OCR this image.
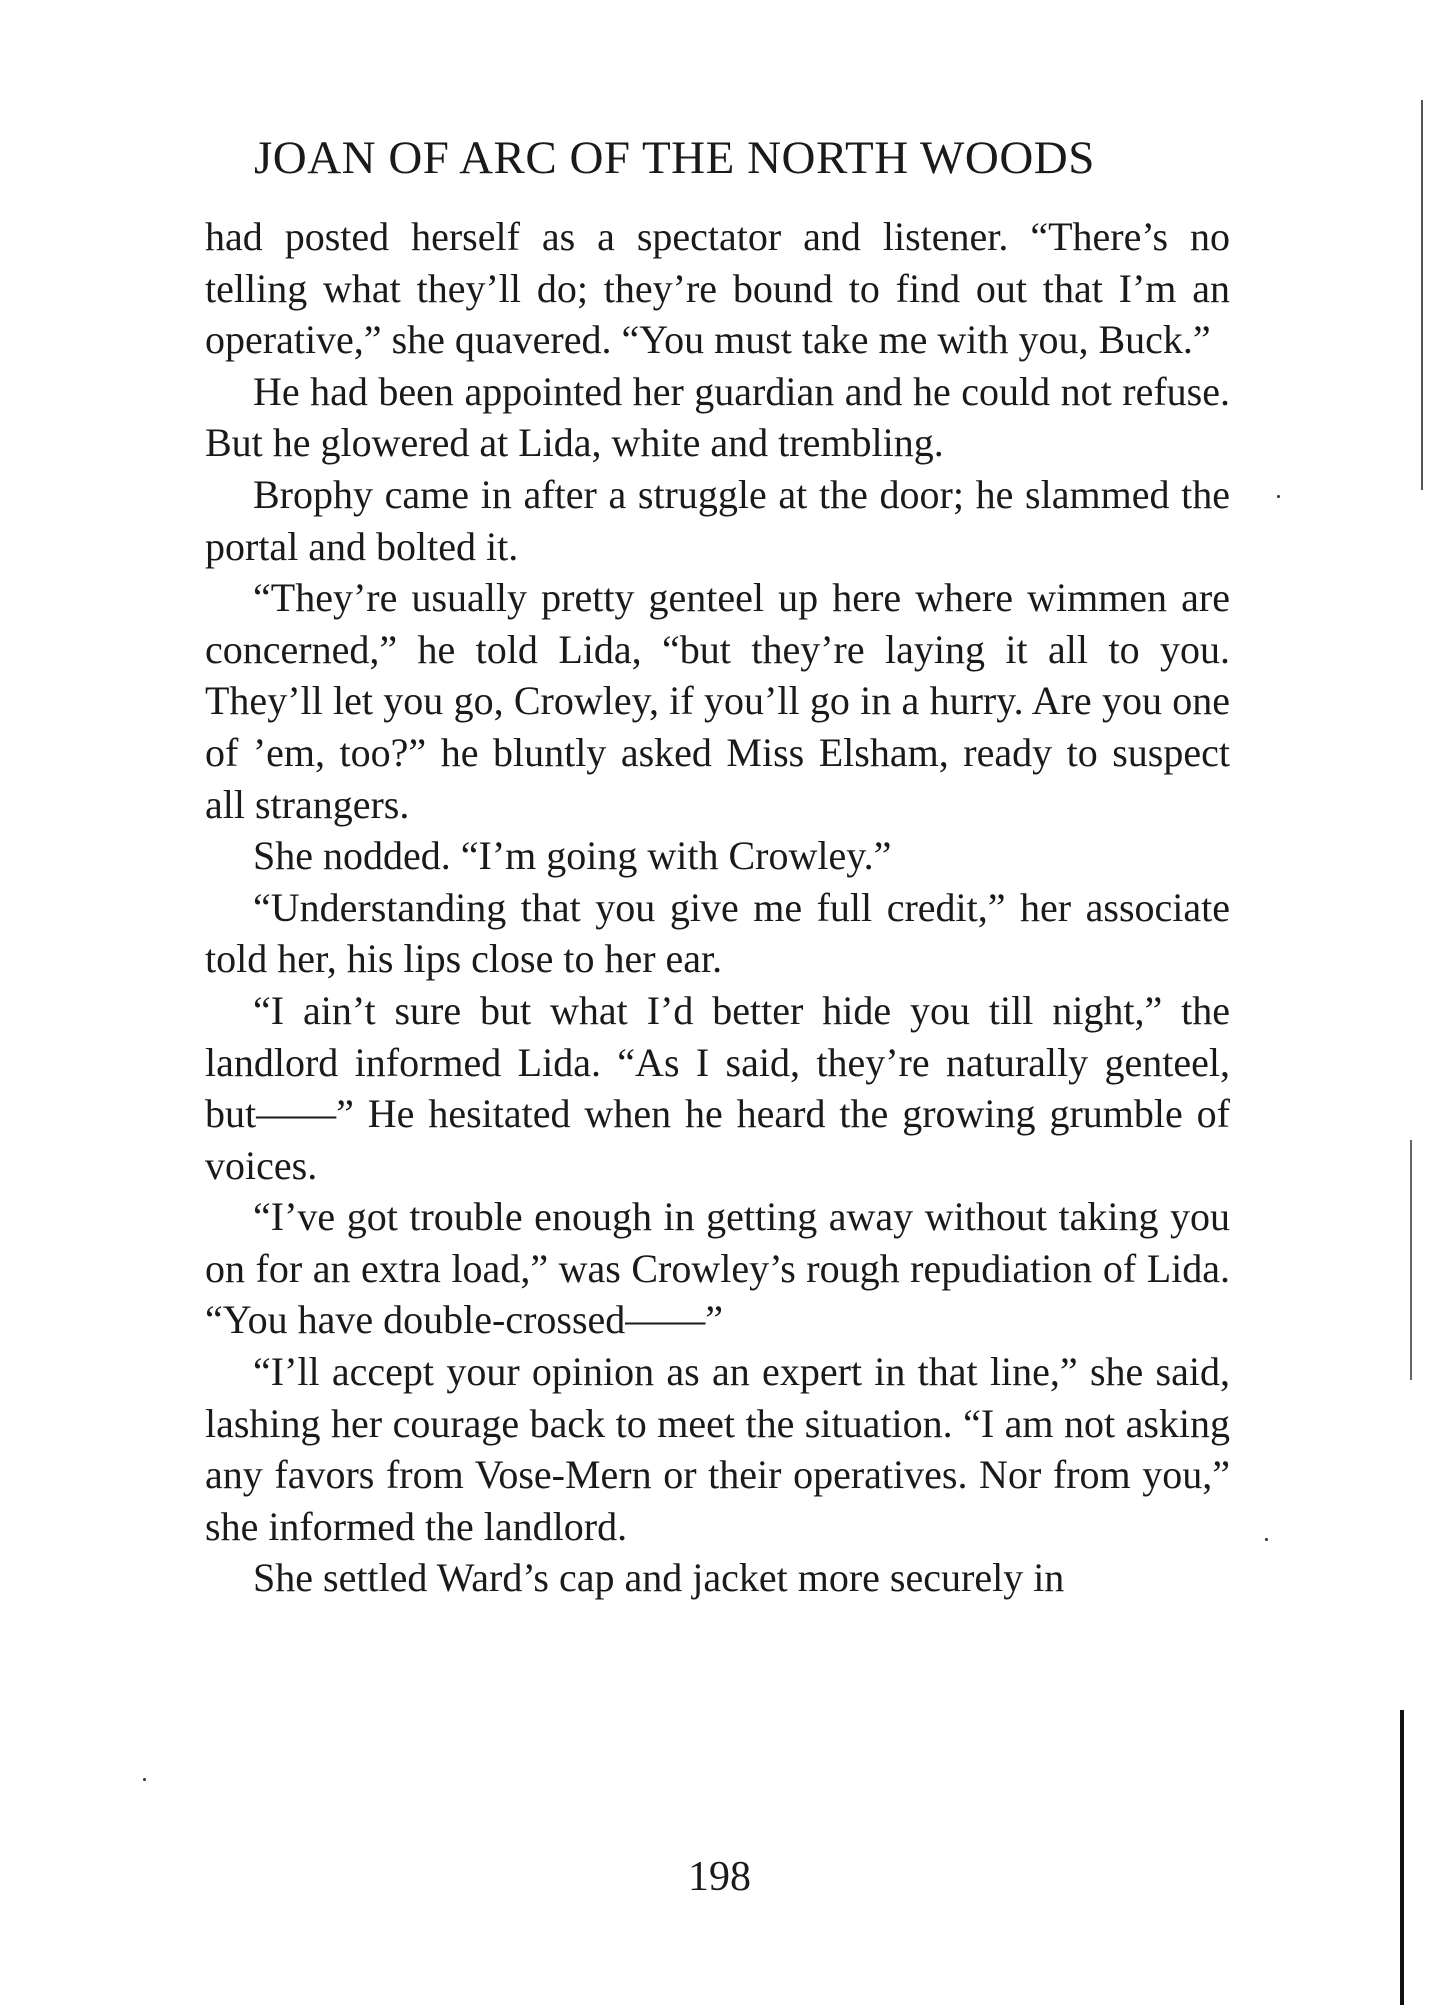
JOAN OF ARC OF THE NORTH WOODS

had posted herself as a spectator and listener. “There’s no telling what they’ll do; they’re bound to find out that I’m an operative,” she quavered. “You must take me with you, Buck.”

He had been appointed her guardian and he could not refuse. But he glowered at Lida, white and trembling.

Brophy came in after a struggle at the door; he slammed the portal and bolted it.

“They’re usually pretty genteel up here where wimmen are concerned,” he told Lida, “but they’re laying it all to you. They’ll let you go, Crowley, if you’ll go in a hurry. Are you one of ’em, too?” he bluntly asked Miss Elsham, ready to suspect all strangers.

She nodded. “I’m going with Crowley.”

“Understanding that you give me full credit,” her associate told her, his lips close to her ear.

“I ain’t sure but what I’d better hide you till night,” the landlord informed Lida. “As I said, they’re naturally genteel, but——” He hesitated when he heard the growing grumble of voices.

“I’ve got trouble enough in getting away without taking you on for an extra load,” was Crowley’s rough repudiation of Lida. “You have double-crossed——”

“I’ll accept your opinion as an expert in that line,” she said, lashing her courage back to meet the situation. “I am not asking any favors from Vose-Mern or their operatives. Nor from you,” she informed the landlord.

She settled Ward’s cap and jacket more securely in

198
